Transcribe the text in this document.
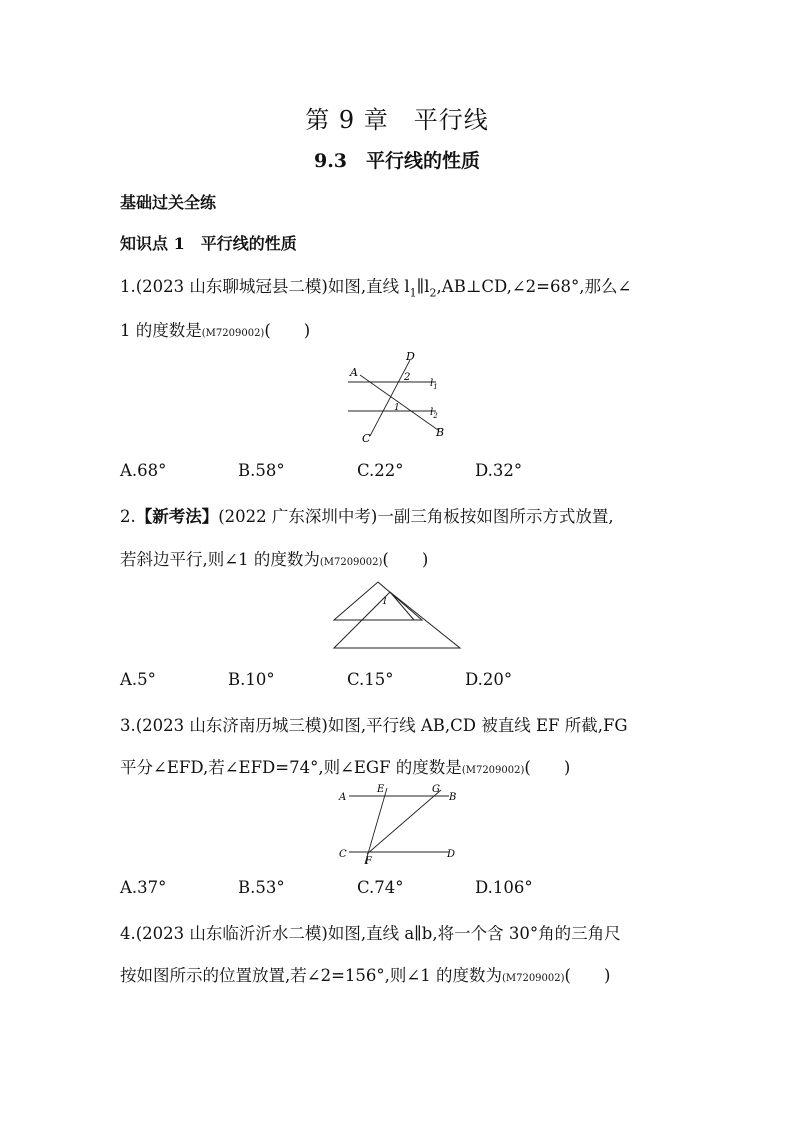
第 9 章　平行线
9.3　平行线的性质
基础过关全练
知识点 1　平行线的性质
1.(2023 山东聊城冠县二模)如图,直线 $l_1\parallel l_2,AB\perp CD,\angle 2=68^\circ$,那么∠
1 的度数是(M7209002)(　　)
A
B
C
D
$l_1$
$l_2$
2
1
A.68°	B.58°	C.22°	D.32°
2.【新考法】(2022 广东深圳中考)一副三角板按如图所示方式放置,
若斜边平行,则∠1 的度数为(M7209002)(　　)
1
A.5°	B.10°	C.15°	D.20°
3.(2023 山东济南历城三模)如图,平行线 AB,CD 被直线 EF 所截,FG
平分∠EFD,若∠EFD=74°,则∠EGF 的度数是(M7209002)(　　)
A	B
C	D
E
F
G
A.37°	B.53°	C.74°	D.106°
4.(2023 山东临沂沂水二模)如图,直线 a∥b,将一个含 30°角的三角尺
按如图所示的位置放置,若∠2=156°,则∠1 的度数为(M7209002)(　　)
